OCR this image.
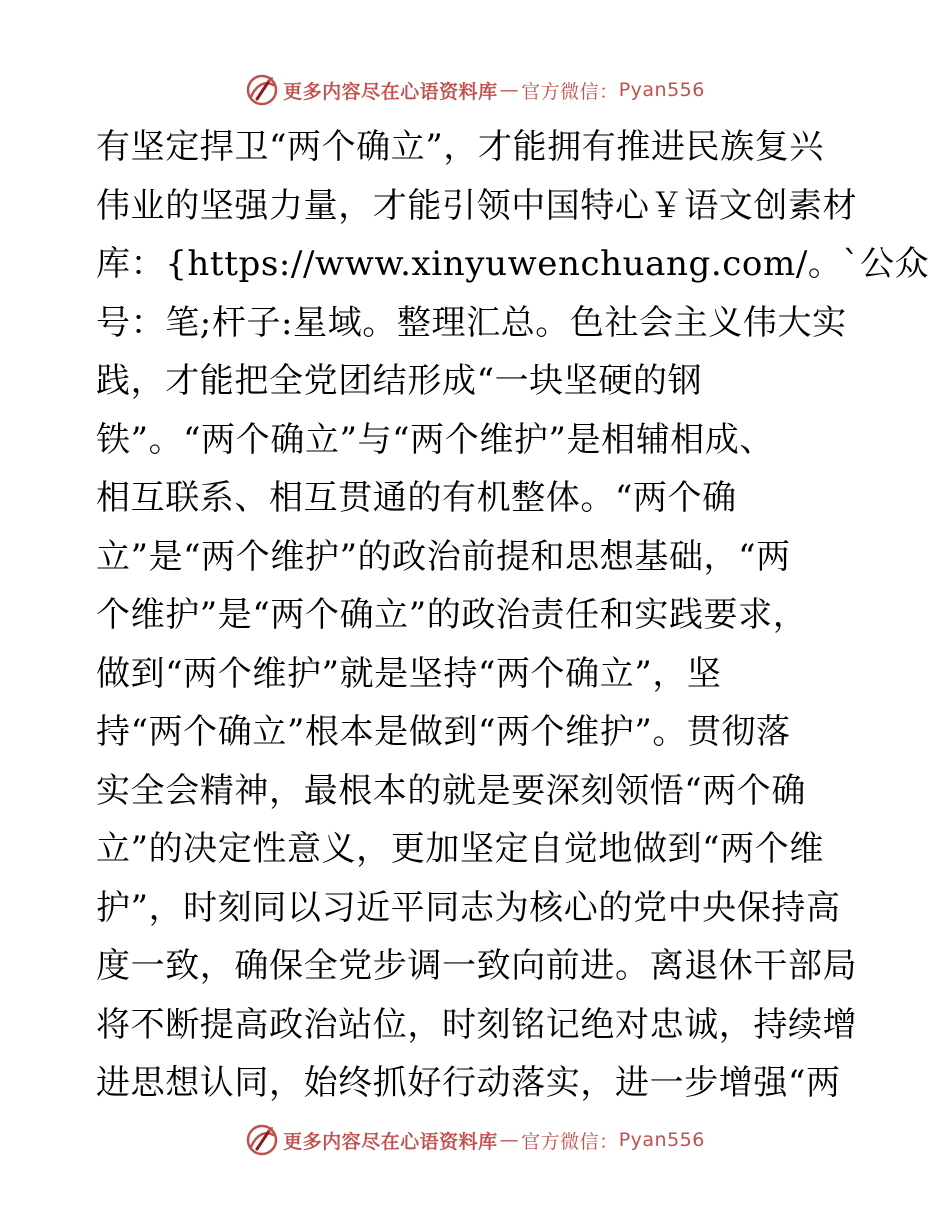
更多内容尽在心语资料库 — 官方微信： Pyan556
有坚定捍卫“两个确立”，才能拥有推进民族复兴
伟业的坚强力量，才能引领中国特心￥语文创素材
库：{https://www.xinyuwenchuang.com/。`公众
号：笔;杆子:星域。整理汇总。色社会主义伟大实
践，才能把全党团结形成“一块坚硬的钢
铁”。“两个确立”与“两个维护”是相辅相成、
相互联系、相互贯通的有机整体。“两个确
立”是“两个维护”的政治前提和思想基础，“两
个维护”是“两个确立”的政治责任和实践要求，
做到“两个维护”就是坚持“两个确立”，坚
持“两个确立”根本是做到“两个维护”。贯彻落
实全会精神，最根本的就是要深刻领悟“两个确
立”的决定性意义，更加坚定自觉地做到“两个维
护”，时刻同以习近平同志为核心的党中央保持高
度一致，确保全党步调一致向前进。离退休干部局
将不断提高政治站位，时刻铭记绝对忠诚，持续增
进思想认同，始终抓好行动落实，进一步增强“两
更多内容尽在心语资料库 — 官方微信： Pyan556
